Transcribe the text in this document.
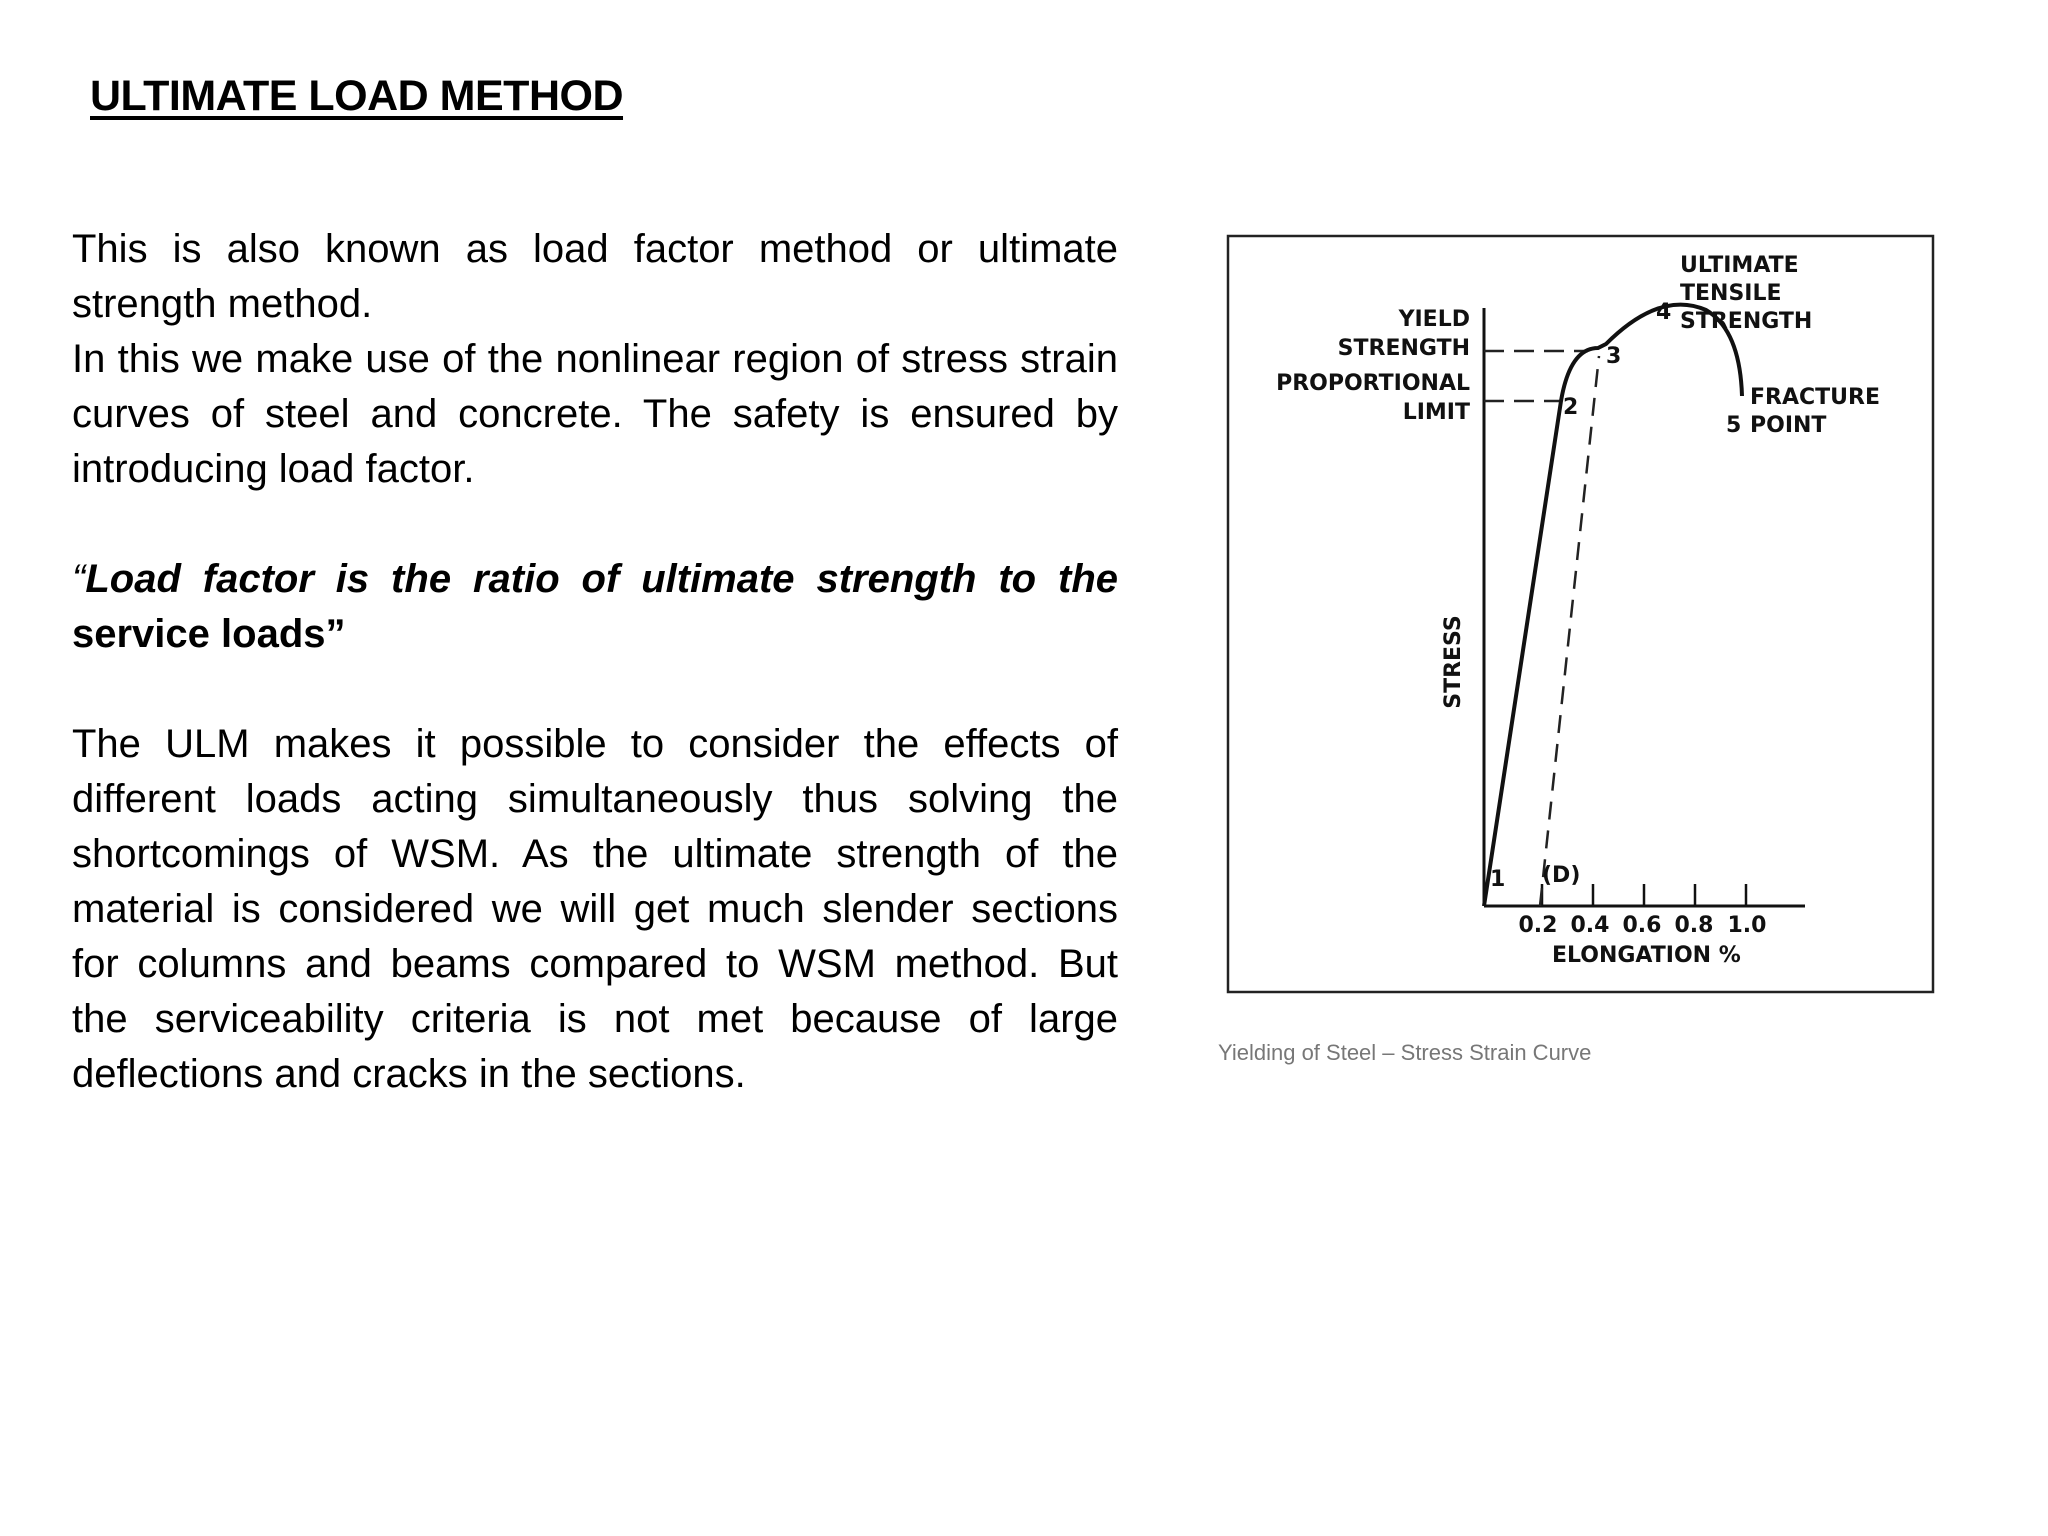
ULTIMATE LOAD METHOD

This is also known as load factor method or ultimate strength method.

In this we make use of the nonlinear region of stress strain curves of steel and concrete. The safety is ensured by introducing load factor.

“Load factor is the ratio of ultimate strength to the service loads”

The ULM makes it possible to consider the effects of different loads acting simultaneously thus solving the shortcomings of WSM. As the ultimate strength of the material is considered we will get much slender sections for columns and beams compared to WSM method. But the serviceability criteria is not met because of large deflections and cracks in the sections.

YIELD
STRENGTH
PROPORTIONAL
LIMIT
ULTIMATE
TENSILE
STRENGTH
FRACTURE
POINT
1
2
3
4
5
(D)
ELONGATION %
STRESS
0.2 0.4 0.6 0.8 1.0
Yielding of Steel – Stress Strain Curve
